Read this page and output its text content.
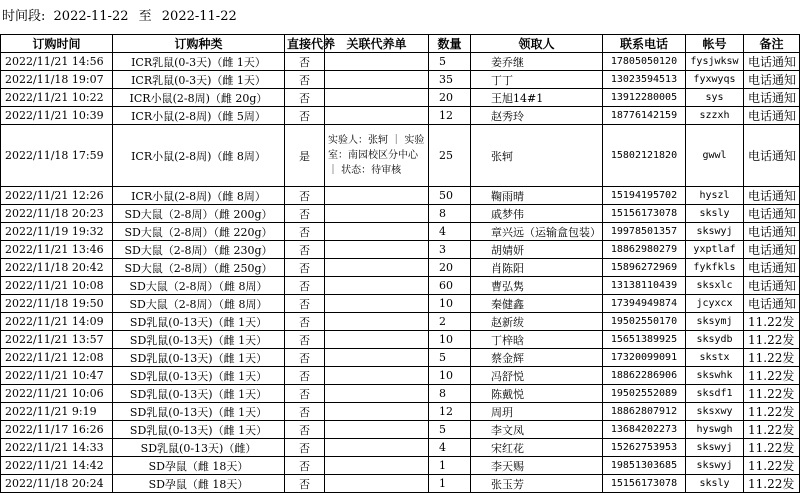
时间段: 2022-11-22 至 2022-11-22
订购时间	订购种类	直接代养	关联代养单	数量	领取人	联系电话	帐号	备注
2022/11/21 14:56	ICR乳鼠(0-3天)（雌 1天）	否		5	姜乔继	17805050120	fysjwksw	电话通知
2022/11/18 19:07	ICR乳鼠(0-3天)（雌 1天）	否		35	丁丁	13023594513	fyxwyqs	电话通知
2022/11/21 10:22	ICR小鼠(2-8周)（雌 20g）	否		20	王旭14#1	13912280005	sys	电话通知
2022/11/21 10:39	ICR小鼠(2-8周)（雌 5周）	否		12	赵秀玲	18776142159	szzxh	电话通知
2022/11/18 17:59	ICR小鼠(2-8周)（雌 8周）	是	实验人：张轲 ｜ 实验室：南园校区分中心 ｜ 状态：待审核	25	张轲	15802121820	gwwl	电话通知
2022/11/21 12:26	ICR小鼠(2-8周)（雌 8周）	否		50	鞠雨晴	15194195702	hyszl	电话通知
2022/11/18 20:23	SD大鼠（2-8周）（雌 200g）	否		8	戚梦伟	15156173078	sksly	电话通知
2022/11/19 19:32	SD大鼠（2-8周）（雌 220g）	否		4	章兴远（运输盒包装）	19978501357	skswyj	电话通知
2022/11/21 13:46	SD大鼠（2-8周）（雌 230g）	否		3	胡婧妍	18862980279	yxptlaf	电话通知
2022/11/18 20:42	SD大鼠（2-8周）（雌 250g）	否		20	肖陈阳	15896272969	fykfkls	电话通知
2022/11/21 10:08	SD大鼠（2-8周）（雌 8周）	否		60	曹弘隽	13138110439	sksxlc	电话通知
2022/11/18 19:50	SD大鼠（2-8周）（雌 8周）	否		10	秦健鑫	17394949874	jcyxcx	电话通知
2022/11/21 14:09	SD乳鼠(0-13天)（雌 1天）	否		2	赵新绂	19502550170	sksymj	11.22发
2022/11/21 13:57	SD乳鼠(0-13天)（雌 1天）	否		10	丁梓晗	15651389925	sksydb	11.22发
2022/11/21 12:08	SD乳鼠(0-13天)（雌 1天）	否		5	蔡金辉	17320099091	skstx	11.22发
2022/11/21 10:47	SD乳鼠(0-13天)（雌 1天）	否		10	冯舒悦	18862286906	skswhk	11.22发
2022/11/21 10:06	SD乳鼠(0-13天)（雌 1天）	否		8	陈戴悦	19502552089	sksdf1	11.22发
2022/11/21 9:19	SD乳鼠(0-13天)（雌 1天）	否		12	周玥	18862807912	sksxwy	11.22发
2022/11/17 16:26	SD乳鼠(0-13天)（雌 1天）	否		5	李文凤	13684202273	hyswgh	11.22发
2022/11/21 14:33	SD乳鼠(0-13天)（雌）	否		4	宋红花	15262753953	skswyj	11.22发
2022/11/21 14:42	SD孕鼠（雌 18天）	否		1	李天赐	19851303685	skswyj	11.22发
2022/11/18 20:24	SD孕鼠（雌 18天）	否		1	张玉芳	15156173078	sksly	11.22发
